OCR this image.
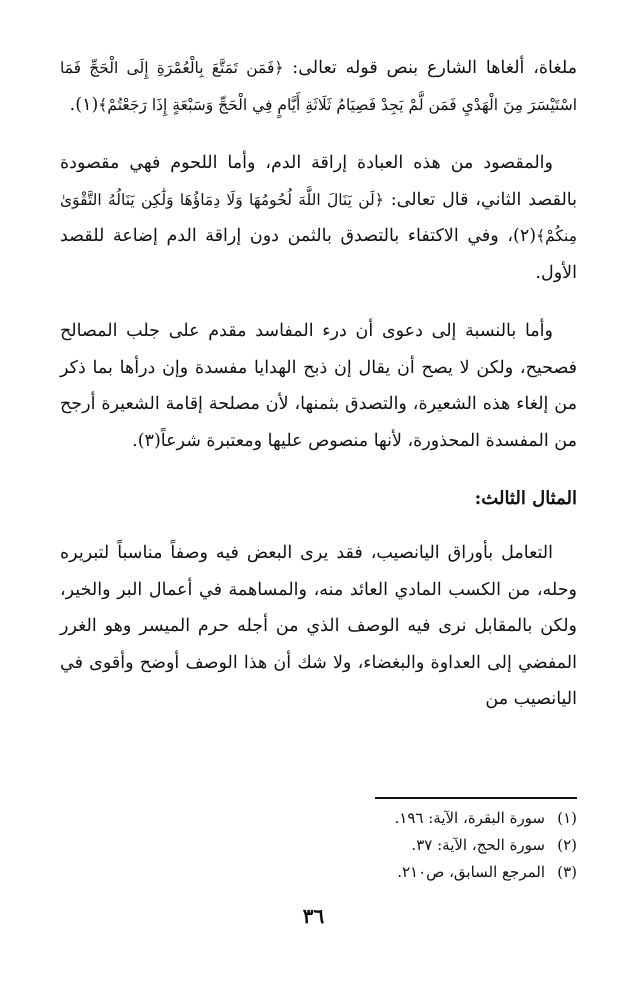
ملغاة، ألغاها الشارع بنص قوله تعالى: ﴿فَمَن تَمَتَّعَ بِالْعُمْرَةِ إِلَى الْحَجِّ فَمَا اسْتَيْسَرَ مِنَ الْهَدْيِ فَمَن لَّمْ يَجِدْ فَصِيَامُ ثَلَاثَةِ أَيَّامٍ فِي الْحَجِّ وَسَبْعَةٍ إِذَا رَجَعْتُمْ﴾(١).

والمقصود من هذه العبادة إراقة الدم، وأما اللحوم فهي مقصودة بالقصد الثاني، قال تعالى: ﴿لَن يَنَالَ اللَّهَ لُحُومُهَا وَلَا دِمَاؤُهَا وَلَٰكِن يَنَالُهُ التَّقْوَىٰ مِنكُمْ﴾(٢)، وفي الاكتفاء بالتصدق بالثمن دون إراقة الدم إضاعة للقصد الأول.

وأما بالنسبة إلى دعوى أن درء المفاسد مقدم على جلب المصالح فصحيح، ولكن لا يصح أن يقال إن ذبح الهدايا مفسدة وإن درأها بما ذكر من إلغاء هذه الشعيرة، والتصدق بثمنها، لأن مصلحة إقامة الشعيرة أرجح من المفسدة المحذورة، لأنها منصوص عليها ومعتبرة شرعاً(٣).

المثال الثالث:

التعامل بأوراق اليانصيب، فقد يرى البعض فيه وصفاً مناسباً لتبريره وحله، من الكسب المادي العائد منه، والمساهمة في أعمال البر والخير، ولكن بالمقابل نرى فيه الوصف الذي من أجله حرم الميسر وهو الغرر المفضي إلى العداوة والبغضاء، ولا شك أن هذا الوصف أوضح وأقوى في اليانصيب من

(١)سورة البقرة، الآية: ١٩٦.
(٢)سورة الحج، الآية: ٣٧.
(٣)المرجع السابق، ص٢١٠.
٣٦
